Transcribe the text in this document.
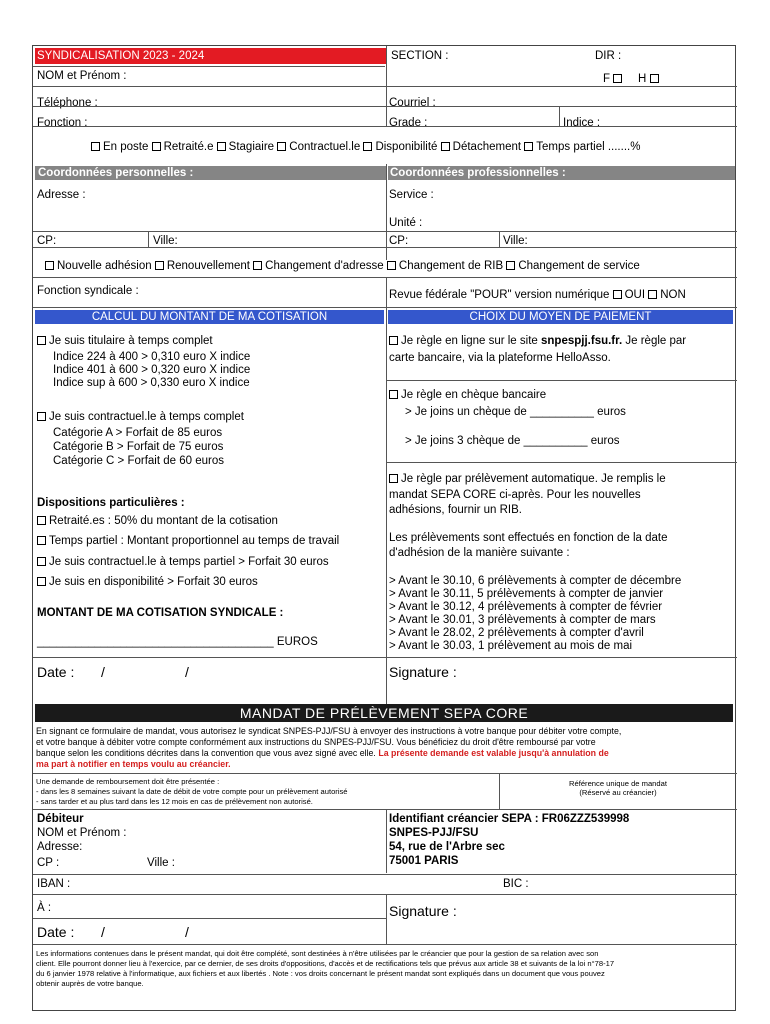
SYNDICALISATION 2023 - 2024	SECTION :	DIR :
NOM et Prénom :	F	H
Téléphone :	Courriel :
Fonction :	Grade :	Indice :
En poste Retraité.e Stagiaire Contractuel.le Disponibilité Détachement Temps partiel .......%
Coordonnées personnelles :	Coordonnées professionnelles :
Adresse :	Service :
Unité :
CP:	Ville:	CP:	Ville:
Nouvelle adhésion Renouvellement Changement d'adresse Changement de RIB Changement de service
Fonction syndicale :	Revue fédérale "POUR" version numérique OUI NON
CALCUL DU MONTANT DE MA COTISATION	CHOIX DU MOYEN DE PAIEMENT
Je suis titulaire à temps complet
Indice 224 à 400 > 0,310 euro X indice
Indice 401 à 600 > 0,320 euro X indice
Indice sup à 600 > 0,330 euro X indice
Je suis contractuel.le à temps complet
Catégorie A > Forfait de 85 euros
Catégorie B > Forfait de 75 euros
Catégorie C > Forfait de 60 euros
Dispositions particulières :
Retraité.es : 50% du montant de la cotisation
Temps partiel : Montant proportionnel au temps de travail
Je suis contractuel.le à temps partiel > Forfait 30 euros
Je suis en disponibilité > Forfait 30 euros
MONTANT DE MA COTISATION SYNDICALE :
_____________________________________ EUROS
Je règle en ligne sur le site snpespjj.fsu.fr. Je règle par
carte bancaire, via la plateforme HelloAsso.
Je règle en chèque bancaire
> Je joins un chèque de __________ euros
> Je joins 3 chèque de __________ euros
Je règle par prélèvement automatique. Je remplis le
mandat SEPA CORE ci-après. Pour les nouvelles
adhésions, fournir un RIB.
Les prélèvements sont effectués en fonction de la date
d'adhésion de la manière suivante :
> Avant le 30.10, 6 prélèvements à compter de décembre
> Avant le 30.11, 5 prélèvements à compter de janvier
> Avant le 30.12, 4 prélèvements à compter de février
> Avant le 30.01, 3 prélèvements à compter de mars
> Avant le 28.02, 2 prélèvements à compter d'avril
> Avant le 30.03, 1 prélèvement au mois de mai
Date : /	/	Signature :
MANDAT DE PRÉLÈVEMENT SEPA CORE
En signant ce formulaire de mandat, vous autorisez le syndicat SNPES-PJJ/FSU à envoyer des instructions à votre banque pour débiter votre compte,
et votre banque à débiter votre compte conformément aux instructions du SNPES-PJJ/FSU. Vous bénéficiez du droit d'être remboursé par votre
banque selon les conditions décrites dans la convention que vous avez signé avec elle. La présente demande est valable jusqu'à annulation de
ma part à notifier en temps voulu au créancier.
Une demande de remboursement doit être présentée :
- dans les 8 semaines suivant la date de débit de votre compte pour un prélèvement autorisé
- sans tarder et au plus tard dans les 12 mois en cas de prélèvement non autorisé.
Référence unique de mandat
(Réservé au créancier)
Débiteur
NOM et Prénom :
Adresse:
CP :	Ville :
Identifiant créancier SEPA : FR06ZZZ539998
SNPES-PJJ/FSU
54, rue de l'Arbre sec
75001 PARIS
IBAN :	BIC :
À :	Signature :
Date : /	/
Les informations contenues dans le présent mandat, qui doit être complété, sont destinées à n'être utilisées par le créancier que pour la gestion de sa relation avec son
client. Elle pourront donner lieu à l'exercice, par ce dernier, de ses droits d'oppositions, d'accès et de rectifications tels que prévus aux article 38 et suivants de la loi n°78-17
du 6 janvier 1978 relative à l'informatique, aux fichiers et aux libertés . Note : vos droits concernant le présent mandat sont expliqués dans un document que vous pouvez
obtenir auprès de votre banque.
